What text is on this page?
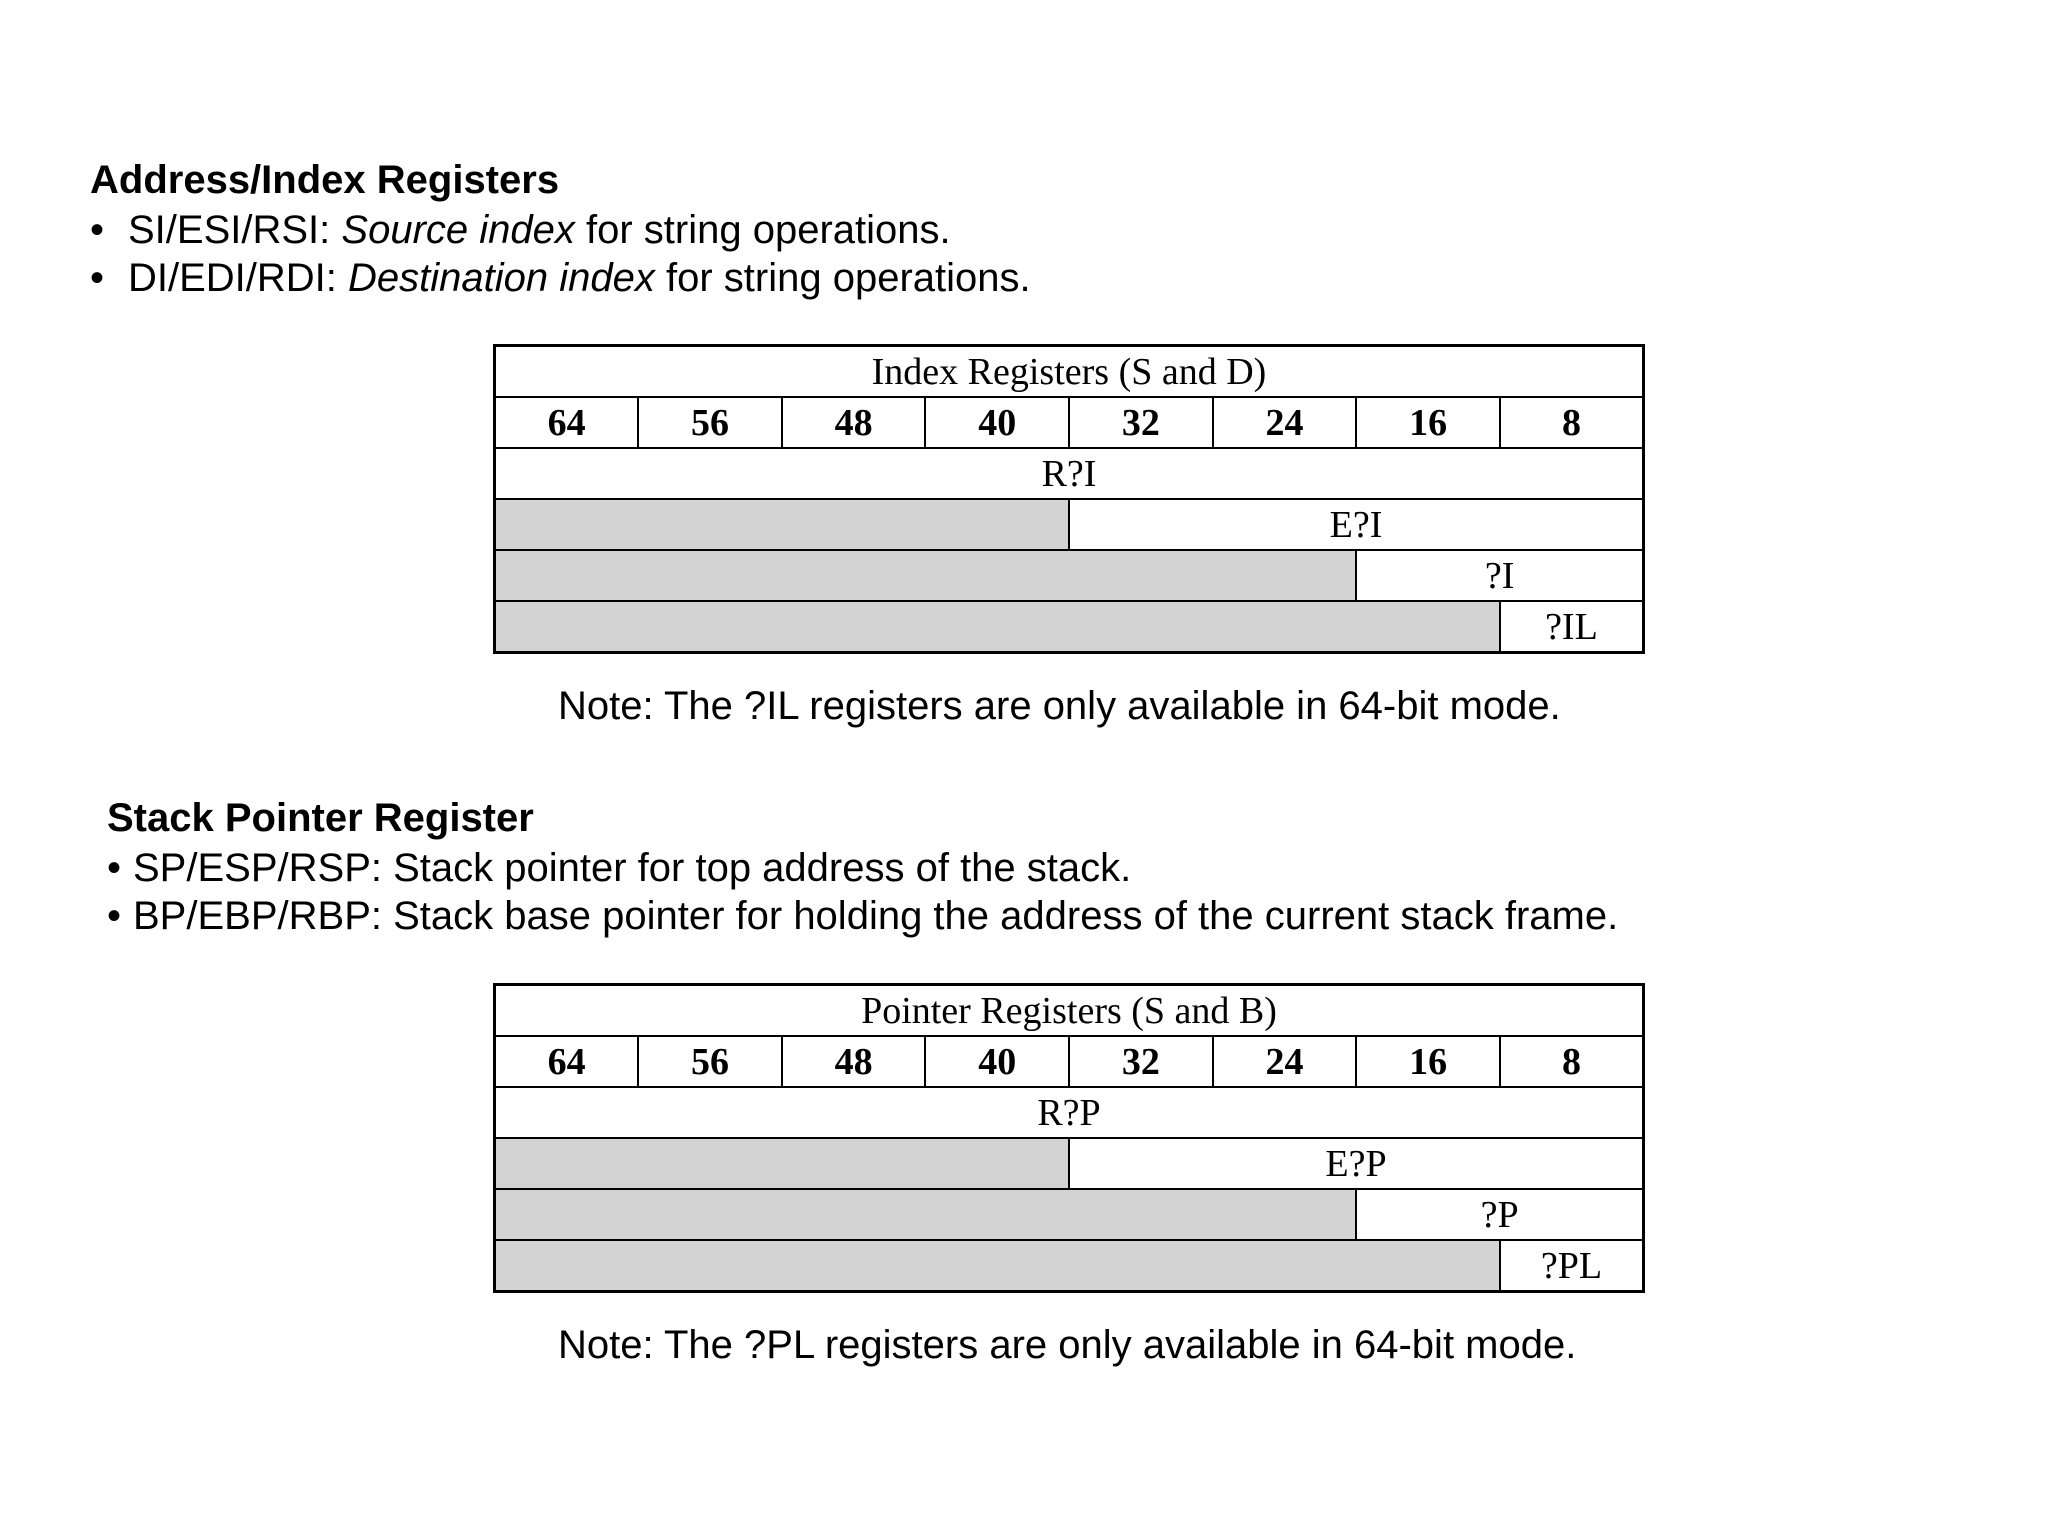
Address/Index Registers
• SI/ESI/RSI: Source index for string operations.
• DI/EDI/RDI: Destination index for string operations.
Index Registers (S and D)							
64	56	48	40	32	24	16	8
R?I							
				E?I			
						?I	
							?IL

Note: The ?IL registers are only available in 64-bit mode.

Stack Pointer Register
• SP/ESP/RSP: Stack pointer for top address of the stack.
• BP/EBP/RBP: Stack base pointer for holding the address of the current stack frame.
Pointer Registers (S and B)							
64	56	48	40	32	24	16	8
R?P							
				E?P			
						?P	
							?PL

Note: The ?PL registers are only available in 64-bit mode.
